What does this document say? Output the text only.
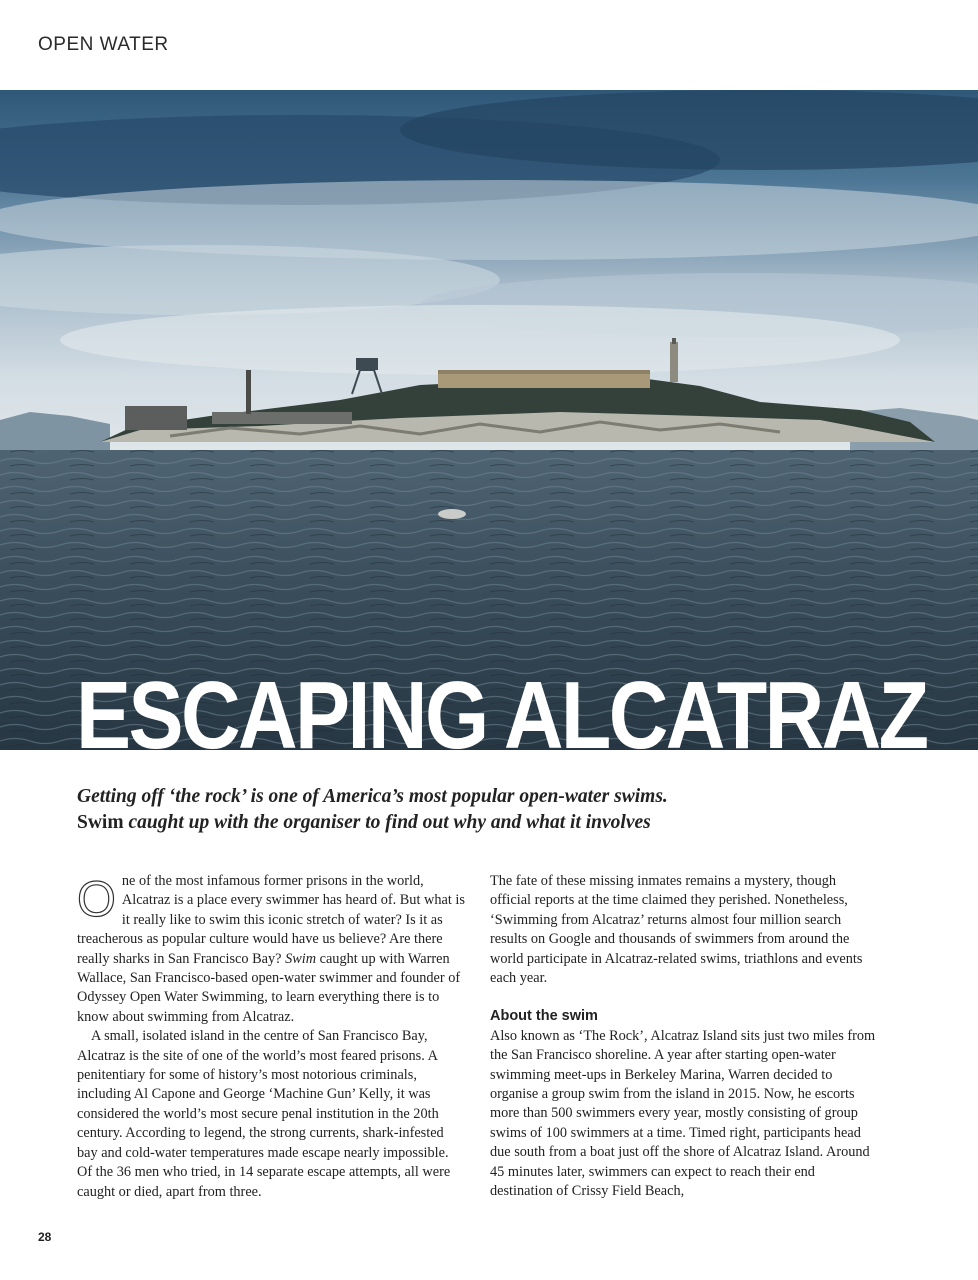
OPEN WATER
ESCAPING ALCATRAZ
Getting off ‘the rock’ is one of America’s most popular open-water swims.
Swim caught up with the organiser to find out why and what it involves

One of the most infamous former prisons in the world, Alcatraz is a place every swimmer has heard of. But what is it really like to swim this iconic stretch of water? Is it as treacherous as popular culture would have us believe? Are there really sharks in San Francisco Bay? Swim caught up with Warren Wallace, San Francisco-based open-water swimmer and founder of Odyssey Open Water Swimming, to learn everything there is to know about swimming from Alcatraz.

A small, isolated island in the centre of San Francisco Bay, Alcatraz is the site of one of the world’s most feared prisons. A penitentiary for some of history’s most notorious criminals, including Al Capone and George ‘Machine Gun’ Kelly, it was considered the world’s most secure penal institution in the 20th century. According to legend, the strong currents, shark-infested bay and cold-water temperatures made escape nearly impossible. Of the 36 men who tried, in 14 separate escape attempts, all were caught or died, apart from three.

The fate of these missing inmates remains a mystery, though official reports at the time claimed they perished. Nonetheless, ‘Swimming from Alcatraz’ returns almost four million search results on Google and thousands of swimmers from around the world participate in Alcatraz-related swims, triathlons and events each year.

About the swim

Also known as ‘The Rock’, Alcatraz Island sits just two miles from the San Francisco shoreline. A year after starting open-water swimming meet-ups in Berkeley Marina, Warren decided to organise a group swim from the island in 2015. Now, he escorts more than 500 swimmers every year, mostly consisting of group swims of 100 swimmers at a time. Timed right, participants head due south from a boat just off the shore of Alcatraz Island. Around 45 minutes later, swimmers can expect to reach their end destination of Crissy Field Beach,

28
